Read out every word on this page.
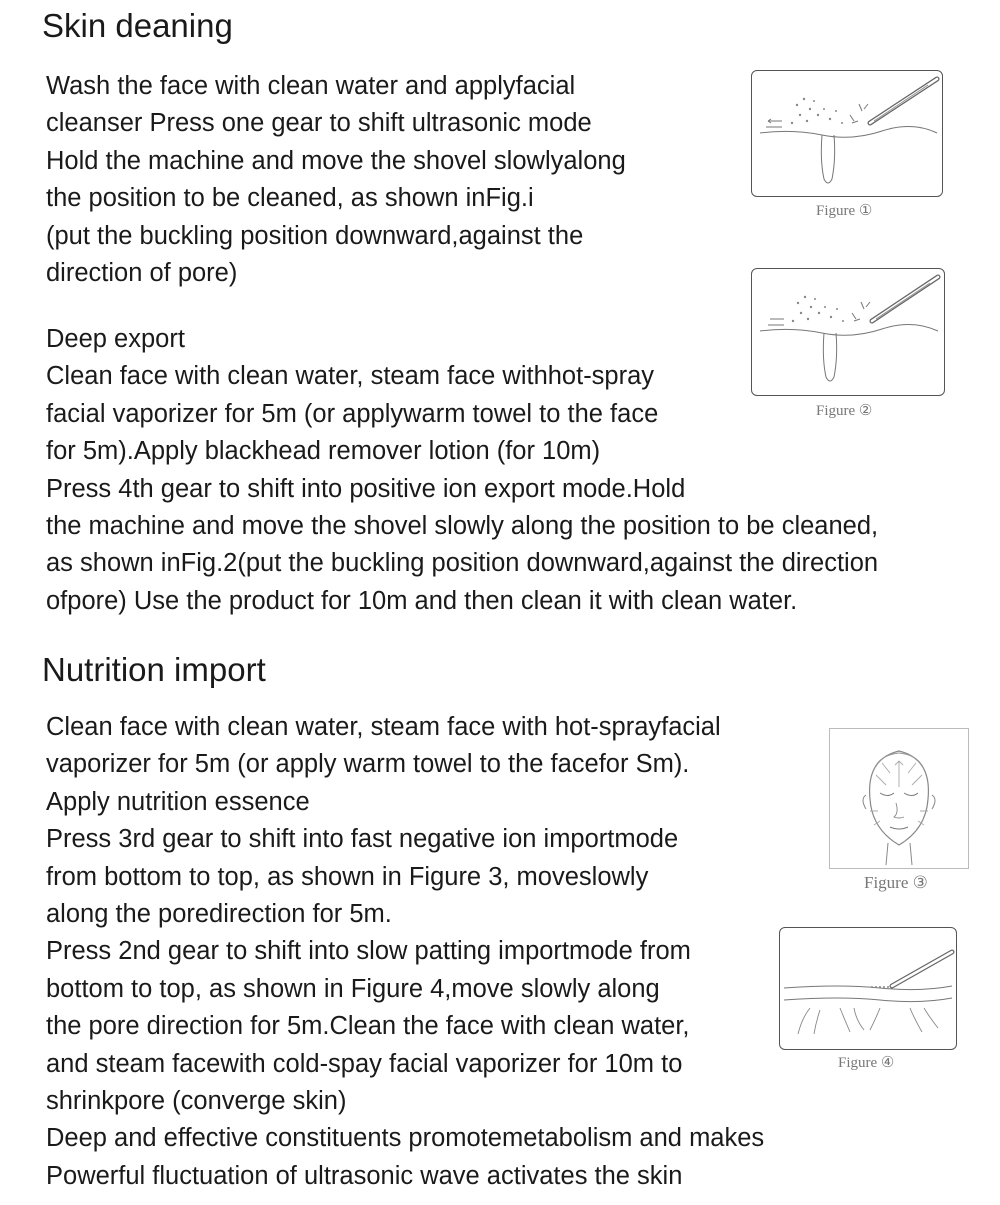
Skin deaning
Wash the face with clean water and applyfacial
cleanser Press one gear to shift ultrasonic mode
Hold the machine and move the shovel slowlyalong
the position to be cleaned, as shown inFig.i
(put the buckling position downward,against the
direction of pore)
Deep export
Clean face with clean water, steam face withhot-spray
facial vaporizer for 5m (or applywarm towel to the face
for 5m).Apply blackhead remover lotion (for 10m)
Press 4th gear to shift into positive ion export mode.Hold
the machine and move the shovel slowly along the position to be cleaned,
as shown inFig.2(put the buckling position downward,against the direction
ofpore) Use the product for 10m and then clean it with clean water.
Nutrition import
Clean face with clean water, steam face with hot-sprayfacial
vaporizer for 5m (or apply warm towel to the facefor Sm).
Apply nutrition essence
Press 3rd gear to shift into fast negative ion importmode
from bottom to top, as shown in Figure 3, moveslowly
along the poredirection for 5m.
Press 2nd gear to shift into slow patting importmode from
bottom to top, as shown in Figure 4,move slowly along
the pore direction for 5m.Clean the face with clean water,
and steam facewith cold-spay facial vaporizer for 10m to
shrinkpore (converge skin)
Deep and effective constituents promotemetabolism and makes
Powerful fluctuation of ultrasonic wave activates the skin
Figure ①
Figure ②
Figure ③
Figure ④
